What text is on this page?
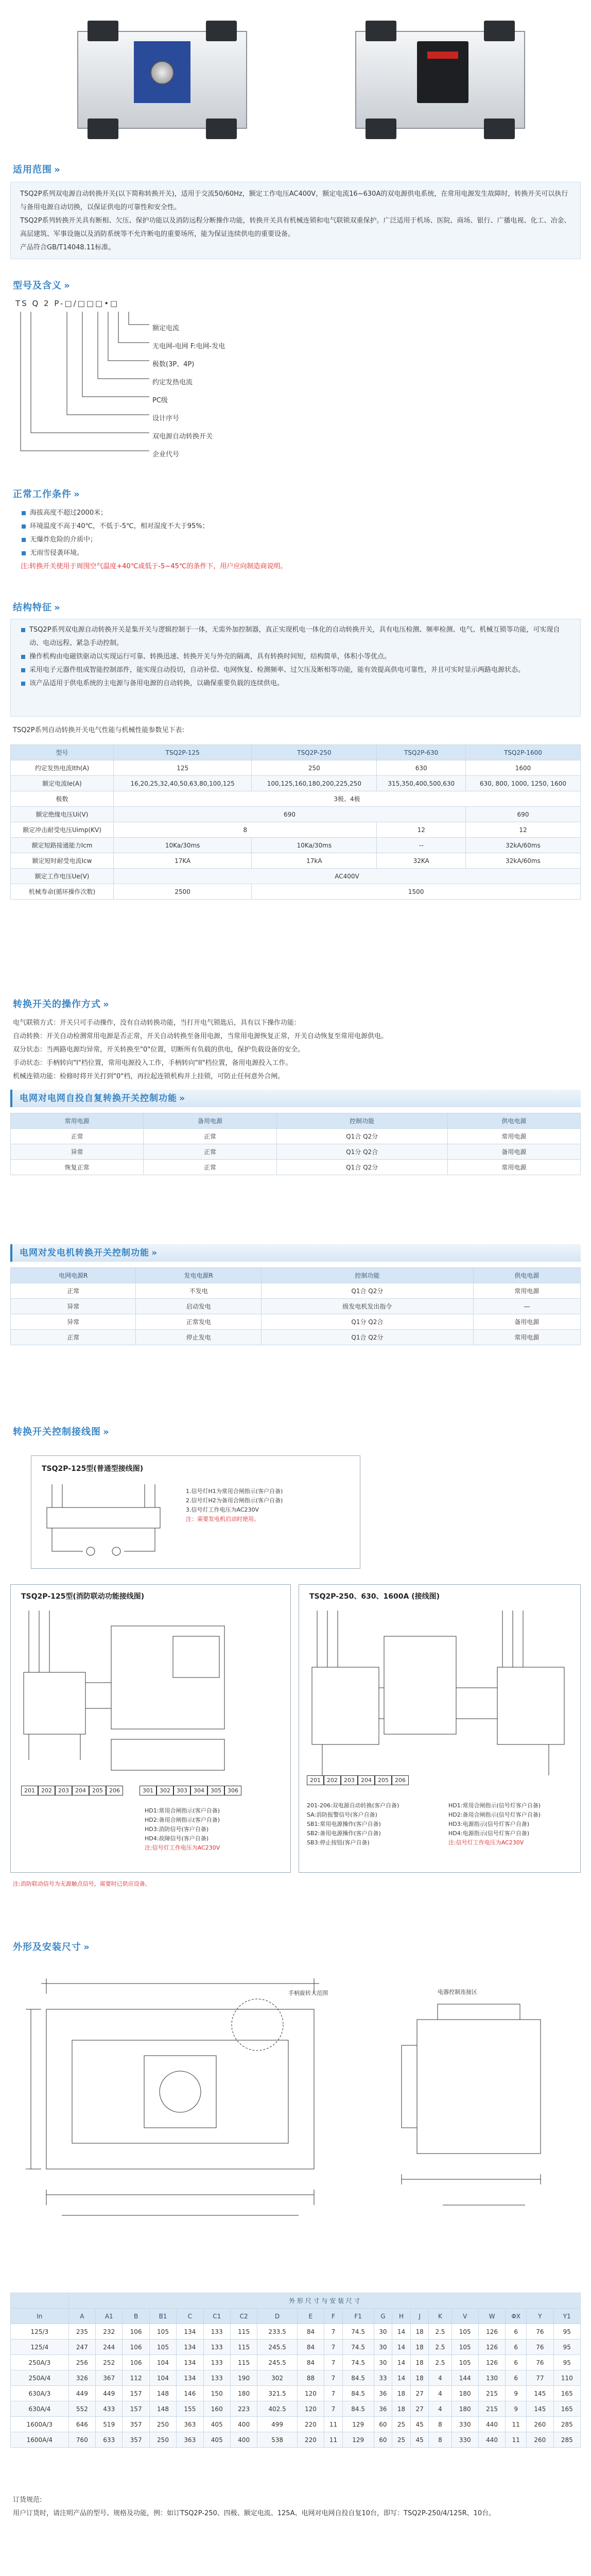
适用范围 »

TSQ2P系列双电源自动转换开关(以下简称转换开关)，适用于交流50/60Hz，额定工作电压AC400V，额定电流16~630A的双电源供电系统，在常用电源发生故障时，转换开关可以执行与备用电源自动切换，以保证供电的可靠性和安全性。

TSQ2P系列转换开关具有断相、欠压、保护功能以及消防远程分断操作功能，转换开关具有机械连锁和电气联锁双重保护。广泛适用于机场、医院、商场、银行、广播电视、化工、冶金、高层建筑、军事设施以及消防系统等不允许断电的重要场所，能为保证连续供电的重要设备。

产品符合GB/T14048.11标准。

型号及含义 »
TS Q 2 P-□/□□□•□
额定电流
无电网-电网 F:电网-发电
极数(3P、4P)
约定发热电流
PC级
设计序号
双电源自动转换开关
企业代号
正常工作条件 »
海拔高度不超过2000米；
环境温度不高于40℃，不低于-5℃，相对湿度不大于95%；
无爆炸危险的介质中；
无雨雪侵袭环境。
注:转换开关使用于周围空气温度+40℃或低于-5~45℃的条件下，用户应向制造商说明。
结构特征 »
TSQ2P系列双电源自动转换开关是集开关与逻辑控制于一体，无需外加控制器，真正实现机电一体化的自动转换开关，具有电压检测、频率检测、电气、机械互锁等功能，可实现自动、电动远程、紧急手动控制。
操作机构由电磁铁驱动以实现运行可靠、转换迅速、转换开关与外壳的隔离，具有转换时间短，结构简单，体积小等优点。
采用电子元器件组成智能控制部件，能实现自动投切，自动补偿、电网恢复、检测频率、过欠压及断相等功能，能有效提高供电可靠性，并且可实时显示两路电源状态。
该产品适用于供电系统的主电源与备用电源的自动转换，以确保重要负载的连续供电。
TSQ2P系列自动转换开关电气性能与机械性能参数见下表:
型号	TSQ2P-125	TSQ2P-250	TSQ2P-630	TSQ2P-1600
约定发热电流Ith(A)	125	250	630	1600
额定电流Ie(A)	16,20,25,32,40,50,63,80,100,125	100,125,160,180,200,225,250	315,350,400,500,630	630, 800, 1000, 1250, 1600
极数	3极、4极			
额定绝缘电压Ui(V)	690			690
额定冲击耐受电压Uimp(KV)	8		12	12
额定短路接通能力Icm	10Ka/30ms	10Ka/30ms	--	32kA/60ms
额定短时耐受电流Icw	17KA	17kA	32KA	32kA/60ms
额定工作电压Ue(V)	AC400V			
机械寿命(循环操作次数)	2500	1500		
转换开关的操作方式 »
电气联锁方式：开关只可手动操作，没有自动转换功能，当打开电气锁匙后，具有以下操作功能：
自动转换：开关自动检测常用电源是否正常，开关自动转换至备用电源，当常用电源恢复正常，开关自动恢复至常用电源供电。
双分状态：当两路电源均异常，开关转换至"0"位置，切断所有负载的供电，保护负载设备的安全。
手动状态：手柄转向"I"档位置，常用电源投入工作，手柄转向"II"档位置，备用电源投入工作。
机械连锁功能：检修时将开关打到"0"档，再拉起连锁机构并上挂锁，可防止任何意外合闸。
电网对电网自投自复转换开关控制功能 »
常用电源	备用电源	控制功能	供电电源
正常	正常	Q1合 Q2分	常用电源
异常	正常	Q1分 Q2合	备用电源
恢复正常	正常	Q1合 Q2分	常用电源
电网对发电机转换开关控制功能 »
电网电源R	发电电源R	控制功能	供电电源
正常	不发电	Q1合 Q2分	常用电源
异常	启动发电	级发电机发出指令	—
异常	正常发电	Q1分 Q2合	备用电源
正常	停止发电	Q1合 Q2分	常用电源
转换开关控制接线图 »
TSQ2P-125型(普通型接线图)
1.信号灯H1为常用合闸指示(客户自备)
2.信号灯H2为备用合闸指示(客户自备)
3.信号灯工作电压为AC230V
注：需要发电机启动时使用。
TSQ2P-125型(消防联动功能接线图)
201	202	203	204	205	206	301	302	303	304	305	306
HD1:常用合闸指示(客户自备)
HD2:备用合闸指示(客户自备)
HD3:消防信号(客户自备)
HD4:故障信号(客户自备)
注:信号灯工作电压为AC230V
TSQ2P-250、630、1600A (接线图)
201	202	203	204	205	206
201-206:双电源自动转换(客户自备)
SA:消防报警信号(客户自备)
SB1:常用电源操作(客户自备)
SB2:备用电源操作(客户自备)
SB3:停止按钮(客户自备)
HD1:常用合闸指示(信号灯客户自备)
HD2:备用合闸指示(信号灯客户自备)
HD3:电源指示(信号灯客户自备)
HD4:电源指示(信号灯客户自备)
注:信号灯工作电压为AC230V
注:消防联动信号为无源触点信号，需要时已供应设备。
外形及安装尺寸 »
手柄旋转大范围	电器控制连接区
	外 形 尺 寸 与 安 装 尺 寸																			
In	A	A1	B	B1	C	C1	C2	D	E	F	F1	G	H	J	K	V	W	ΦX	Y	Y1
125/3	235	232	106	105	134	133	115	233.5	84	7	74.5	30	14	18	2.5	105	126	6	76	95
125/4	247	244	106	105	134	133	115	245.5	84	7	74.5	30	14	18	2.5	105	126	6	76	95
250A/3	256	252	106	104	134	133	115	245.5	84	7	74.5	30	14	18	2.5	105	126	6	76	95
250A/4	326	367	112	104	134	133	190	302	88	7	84.5	33	14	18	4	144	130	6	77	110
630A/3	449	449	157	148	146	150	180	321.5	120	7	84.5	36	18	27	4	180	215	9	145	165
630A/4	552	433	157	148	155	160	223	402.5	120	7	84.5	36	18	27	4	180	215	9	145	165
1600A/3	646	519	357	250	363	405	400	499	220	11	129	60	25	45	8	330	440	11	260	285
1600A/4	760	633	357	250	363	405	400	538	220	11	129	60	25	45	8	330	440	11	260	285
订货规范:
用户订货时，请注明产品的型号、规格及功能，例：如订TSQ2P-250、四极、额定电流、125A、电网对电网自投自复10台，即写：TSQ2P-250/4/125R、10台。
